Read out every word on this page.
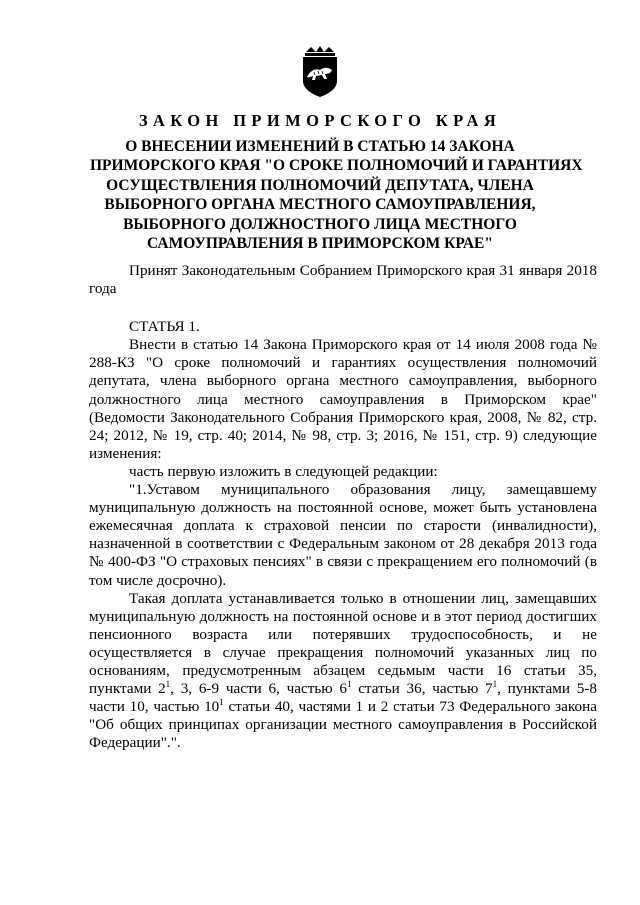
ЗАКОН ПРИМОРСКОГО КРАЯ
О ВНЕСЕНИИ ИЗМЕНЕНИЙ В СТАТЬЮ 14 ЗАКОНА
ПРИМОРСКОГО КРАЯ "О СРОКЕ ПОЛНОМОЧИЙ И ГАРАНТИЯХ
ОСУЩЕСТВЛЕНИЯ ПОЛНОМОЧИЙ ДЕПУТАТА, ЧЛЕНА
ВЫБОРНОГО ОРГАНА МЕСТНОГО САМОУПРАВЛЕНИЯ,
ВЫБОРНОГО ДОЛЖНОСТНОГО ЛИЦА МЕСТНОГО
САМОУПРАВЛЕНИЯ В ПРИМОРСКОМ КРАЕ"

Принят Законодательным Собранием Приморского края 31 января 2018 года

СТАТЬЯ 1.

Внести в статью 14 Закона Приморского края от 14 июля 2008 года № 288-КЗ "О сроке полномочий и гарантиях осуществления полномочий депутата, члена выборного органа местного самоуправления, выборного должностного лица местного самоуправления в Приморском крае" (Ведомости Законодательного Собрания Приморского края, 2008, № 82, стр. 24; 2012, № 19, стр. 40; 2014, № 98, стр. 3; 2016, № 151, стр. 9) следующие изменения:

часть первую изложить в следующей редакции:

"1.Уставом муниципального образования лицу, замещавшему муниципальную должность на постоянной основе, может быть установлена ежемесячная доплата к страховой пенсии по старости (инвалидности), назначенной в соответствии с Федеральным законом от 28 декабря 2013 года № 400-ФЗ "О страховых пенсиях" в связи с прекращением его полномочий (в том числе досрочно).

Такая доплата устанавливается только в отношении лиц, замещавших муниципальную должность на постоянной основе и в этот период достигших пенсионного возраста или потерявших трудоспособность, и не осуществляется в случае прекращения полномочий указанных лиц по основаниям, предусмотренным абзацем седьмым части 16 статьи 35, пунктами $2^1$, 3, 6-9 части 6, частью $6^1$ статьи 36, частью $7^1$, пунктами 5-8 части 10, частью $10^1$ статьи 40, частями 1 и 2 статьи 73 Федерального закона "Об общих принципах организации местного самоуправления в Российской Федерации".".
